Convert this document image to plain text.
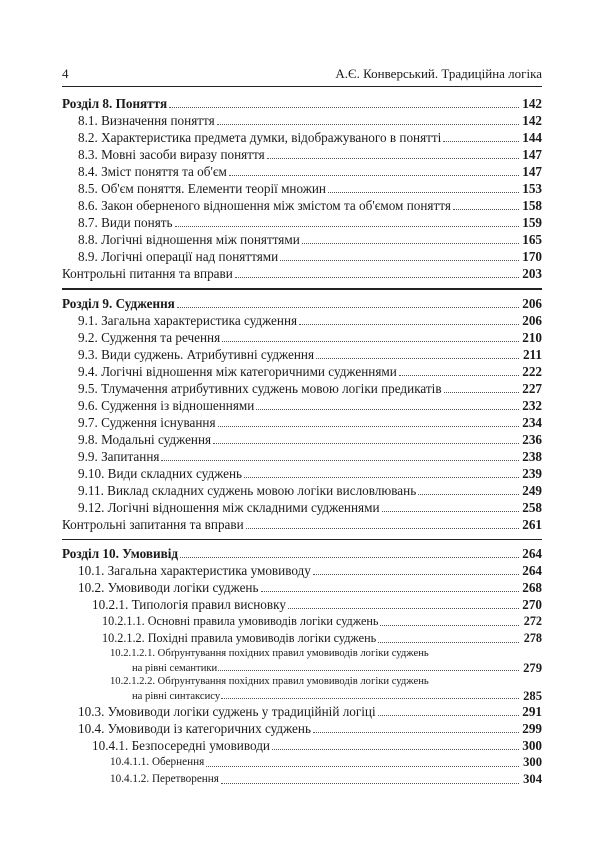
4	А.Є. Конверський. Традиційна логіка
Розділ 8. Поняття	142
8.1. Визначення поняття	142
8.2. Характеристика предмета думки, відображуваного в понятті	144
8.3. Мовні засоби виразу поняття	147
8.4. Зміст поняття та об'єм	147
8.5. Об'єм поняття. Елементи теорії множин	153
8.6. Закон оберненого відношення між змістом та об'ємом поняття	158
8.7. Види понять	159
8.8. Логічні відношення між поняттями	165
8.9. Логічні операції над поняттями	170
Контрольні питання та вправи	203
Розділ 9. Судження	206
9.1. Загальна характеристика судження	206
9.2. Судження та речення	210
9.3. Види суджень. Атрибутивні судження	211
9.4. Логічні відношення між категоричними судженнями	222
9.5. Тлумачення атрибутивних суджень мовою логіки предикатів	227
9.6. Судження із відношеннями	232
9.7. Судження існування	234
9.8. Модальні судження	236
9.9. Запитання	238
9.10. Види складних суджень	239
9.11. Виклад складних суджень мовою логіки висловлювань	249
9.12. Логічні відношення між складними судженнями	258
Контрольні запитання та вправи	261
Розділ 10. Умовивід	264
10.1. Загальна характеристика умовиводу	264
10.2. Умовиводи логіки суджень	268
10.2.1. Типологія правил висновку	270
10.2.1.1. Основні правила умовиводів логіки суджень	272
10.2.1.2. Похідні правила умовиводів логіки суджень	278
10.2.1.2.1. Обґрунтування похідних правил умовиводів логіки суджень
на рівні семантики	279
10.2.1.2.2. Обґрунтування похідних правил умовиводів логіки суджень
на рівні синтаксису	285
10.3. Умовиводи логіки суджень у традиційній логіці	291
10.4. Умовиводи із категоричних суджень	299
10.4.1. Безпосередні умовиводи	300
10.4.1.1. Обернення	300
10.4.1.2. Перетворення	304
